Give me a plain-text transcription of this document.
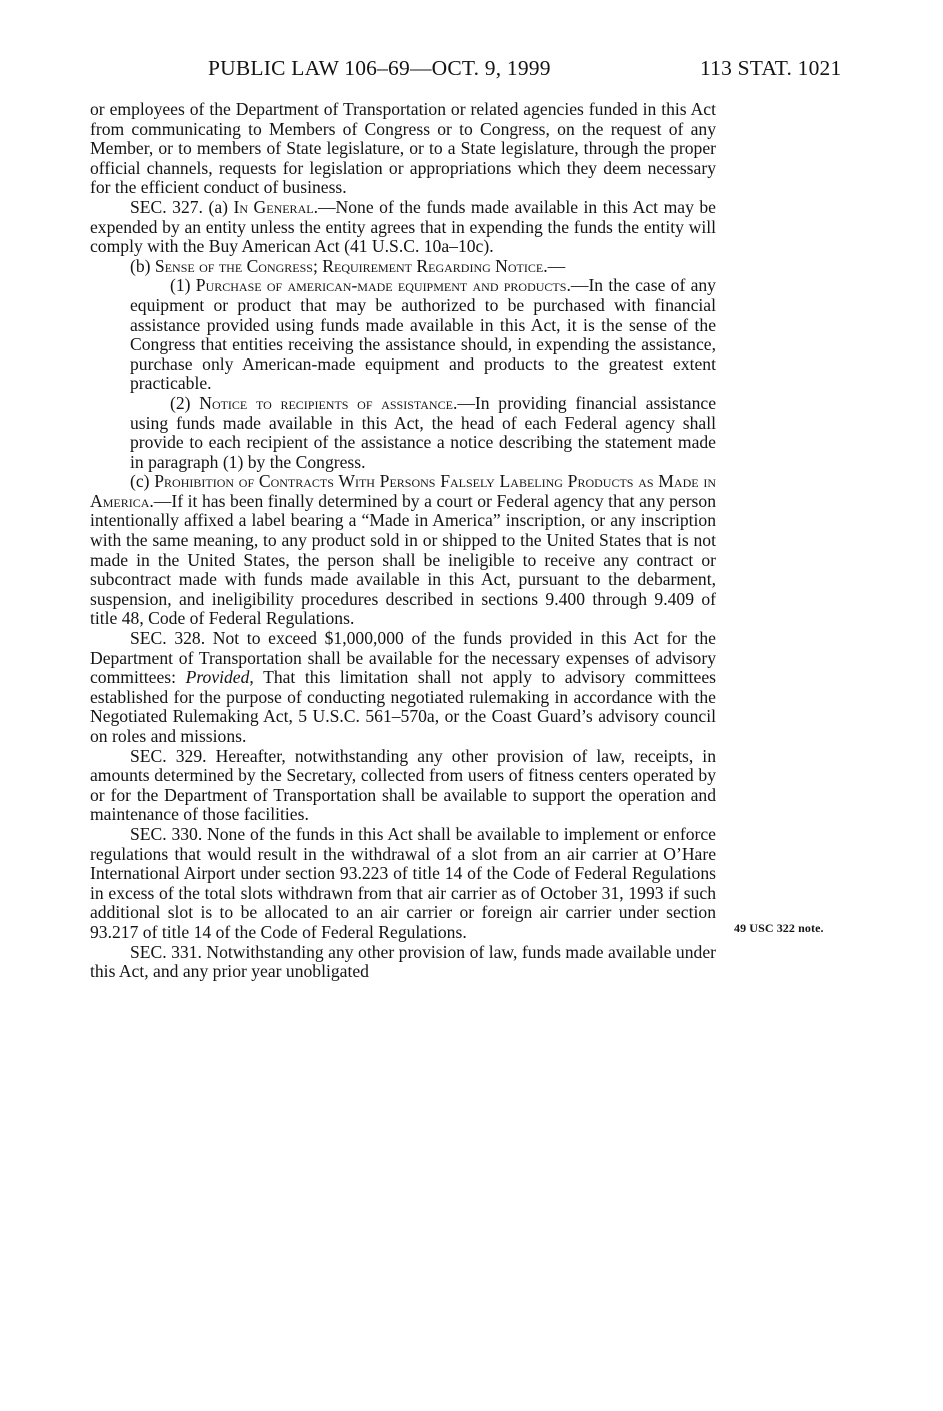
PUBLIC LAW 106–69—OCT. 9, 1999	113 STAT. 1021

or employees of the Department of Transportation or related agencies funded in this Act from communicating to Members of Congress or to Congress, on the request of any Member, or to members of State legislature, or to a State legislature, through the proper official channels, requests for legislation or appropriations which they deem necessary for the efficient conduct of business.

SEC. 327. (a) In General.—None of the funds made available in this Act may be expended by an entity unless the entity agrees that in expending the funds the entity will comply with the Buy American Act (41 U.S.C. 10a–10c).

(b) Sense of the Congress; Requirement Regarding Notice.—

(1) Purchase of american-made equipment and products.—In the case of any equipment or product that may be authorized to be purchased with financial assistance provided using funds made available in this Act, it is the sense of the Congress that entities receiving the assistance should, in expending the assistance, purchase only American-made equipment and products to the greatest extent practicable.

(2) Notice to recipients of assistance.—In providing financial assistance using funds made available in this Act, the head of each Federal agency shall provide to each recipient of the assistance a notice describing the statement made in paragraph (1) by the Congress.

(c) Prohibition of Contracts With Persons Falsely Labeling Products as Made in America.—If it has been finally determined by a court or Federal agency that any person intentionally affixed a label bearing a “Made in America” inscription, or any inscription with the same meaning, to any product sold in or shipped to the United States that is not made in the United States, the person shall be ineligible to receive any contract or subcontract made with funds made available in this Act, pursuant to the debarment, suspension, and ineligibility procedures described in sections 9.400 through 9.409 of title 48, Code of Federal Regulations.

SEC. 328. Not to exceed $1,000,000 of the funds provided in this Act for the Department of Transportation shall be available for the necessary expenses of advisory committees: Provided, That this limitation shall not apply to advisory committees established for the purpose of conducting negotiated rulemaking in accordance with the Negotiated Rulemaking Act, 5 U.S.C. 561–570a, or the Coast Guard’s advisory council on roles and missions.

SEC. 329. Hereafter, notwithstanding any other provision of law, receipts, in amounts determined by the Secretary, collected from users of fitness centers operated by or for the Department of Transportation shall be available to support the operation and maintenance of those facilities.

SEC. 330. None of the funds in this Act shall be available to implement or enforce regulations that would result in the withdrawal of a slot from an air carrier at O’Hare International Airport under section 93.223 of title 14 of the Code of Federal Regulations in excess of the total slots withdrawn from that air carrier as of October 31, 1993 if such additional slot is to be allocated to an air carrier or foreign air carrier under section 93.217 of title 14 of the Code of Federal Regulations.

SEC. 331. Notwithstanding any other provision of law, funds made available under this Act, and any prior year unobligated

49 USC 322 note.
